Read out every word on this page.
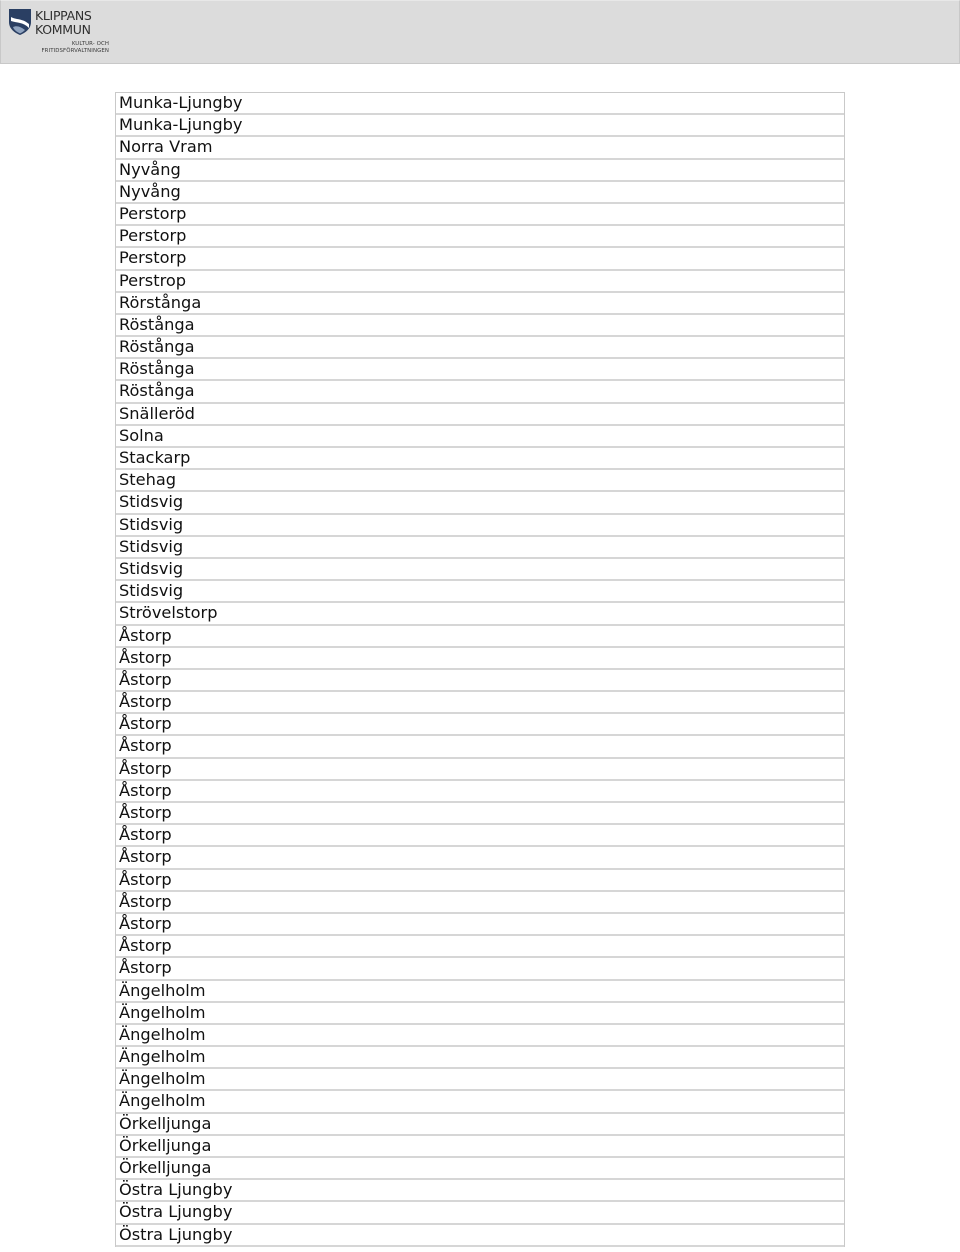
KLIPPANS
KOMMUN
KULTUR- OCH
FRITIDSFÖRVALTNINGEN
Munka-Ljungby
Munka-Ljungby
Norra Vram
Nyvång
Nyvång
Perstorp
Perstorp
Perstorp
Perstrop
Rörstånga
Röstånga
Röstånga
Röstånga
Röstånga
Snälleröd
Solna
Stackarp
Stehag
Stidsvig
Stidsvig
Stidsvig
Stidsvig
Stidsvig
Strövelstorp
Åstorp
Åstorp
Åstorp
Åstorp
Åstorp
Åstorp
Åstorp
Åstorp
Åstorp
Åstorp
Åstorp
Åstorp
Åstorp
Åstorp
Åstorp
Åstorp
Ängelholm
Ängelholm
Ängelholm
Ängelholm
Ängelholm
Ängelholm
Örkelljunga
Örkelljunga
Örkelljunga
Östra Ljungby
Östra Ljungby
Östra Ljungby
